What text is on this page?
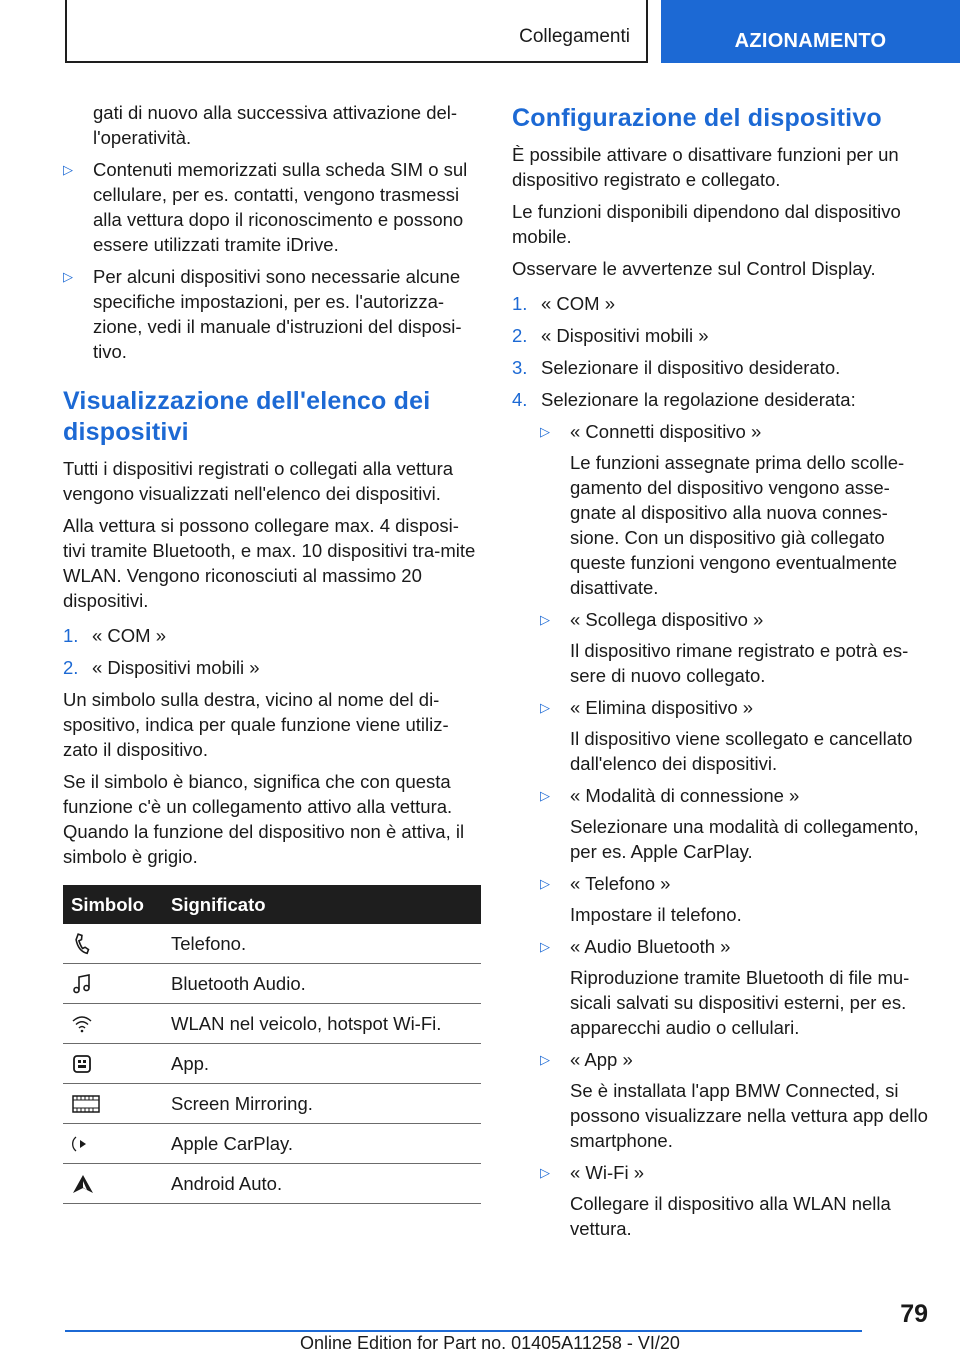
Collegamenti	AZIONAMENTO

gati di nuovo alla successiva attivazione del-l'operatività.

▷	Contenuti memorizzati sulla scheda SIM o sul cellulare, per es. contatti, vengono trasmessi alla vettura dopo il riconoscimento e possono essere utilizzati tramite iDrive.
▷	Per alcuni dispositivi sono necessarie alcune specifiche impostazioni, per es. l'autorizza-zione, vedi il manuale d'istruzioni del disposi-tivo.
Visualizzazione dell'elenco dei dispositivi

Tutti i dispositivi registrati o collegati alla vettura vengono visualizzati nell'elenco dei dispositivi.

Alla vettura si possono collegare max. 4 disposi-tivi tramite Bluetooth, e max. 10 dispositivi tra-mite WLAN. Vengono riconosciuti al massimo 20 dispositivi.

1. « COM »
2. « Dispositivi mobili »

Un simbolo sulla destra, vicino al nome del di-spositivo, indica per quale funzione viene utiliz-zato il dispositivo.

Se il simbolo è bianco, significa che con questa funzione c'è un collegamento attivo alla vettura. Quando la funzione del dispositivo non è attiva, il simbolo è grigio.

Simbolo	Significato

	Telefono.

	Bluetooth Audio.

	WLAN nel veicolo, hotspot Wi-Fi.

	App.

	Screen Mirroring.

	Apple CarPlay.

	Android Auto.
Configurazione del dispositivo

È possibile attivare o disattivare funzioni per un dispositivo registrato e collegato.

Le funzioni disponibili dipendono dal dispositivo mobile.

Osservare le avvertenze sul Control Display.

1. « COM »
2. « Dispositivi mobili »
3. Selezionare il dispositivo desiderato.
4. Selezionare la regolazione desiderata:
▷	« Connetti dispositivo »
Le funzioni assegnate prima dello scolle-gamento del dispositivo vengono asse-gnate al dispositivo alla nuova connes-sione. Con un dispositivo già collegato queste funzioni vengono eventualmente disattivate.
▷	« Scollega dispositivo »
Il dispositivo rimane registrato e potrà es-sere di nuovo collegato.
▷	« Elimina dispositivo »
Il dispositivo viene scollegato e cancellato dall'elenco dei dispositivi.
▷	« Modalità di connessione »
Selezionare una modalità di collegamento, per es. Apple CarPlay.
▷	« Telefono »
Impostare il telefono.
▷	« Audio Bluetooth »
Riproduzione tramite Bluetooth di file mu-sicali salvati su dispositivi esterni, per es. apparecchi audio o cellulari.
▷	« App »
Se è installata l'app BMW Connected, si possono visualizzare nella vettura app dello smartphone.
▷	« Wi-Fi »
Collegare il dispositivo alla WLAN nella vettura.
79
Online Edition for Part no. 01405A11258 - VI/20
